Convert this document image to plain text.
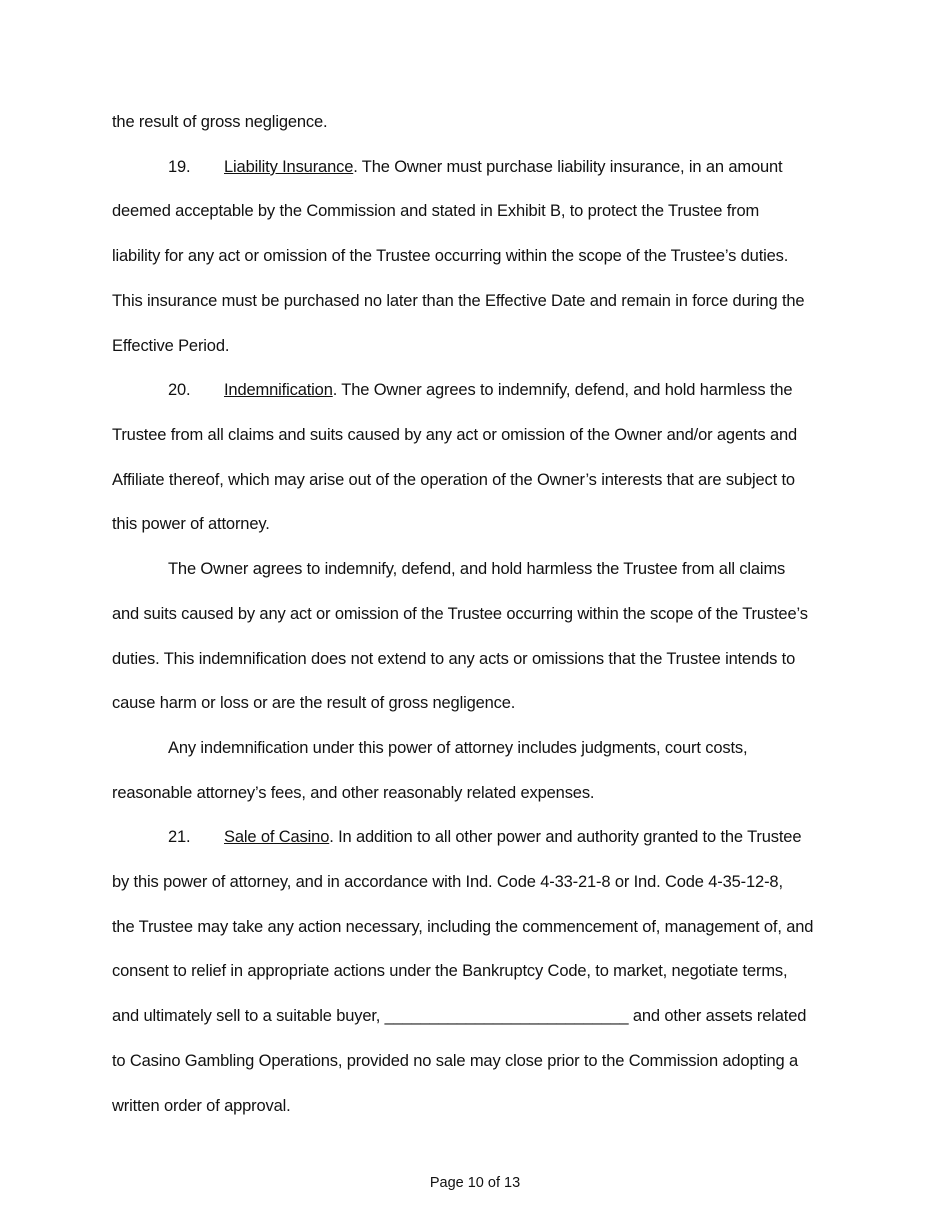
the result of gross negligence.
19. Liability Insurance. The Owner must purchase liability insurance, in an amount
deemed acceptable by the Commission and stated in Exhibit B, to protect the Trustee from
liability for any act or omission of the Trustee occurring within the scope of the Trustee’s duties.
This insurance must be purchased no later than the Effective Date and remain in force during the
Effective Period.
20. Indemnification. The Owner agrees to indemnify, defend, and hold harmless the
Trustee from all claims and suits caused by any act or omission of the Owner and/or agents and
Affiliate thereof, which may arise out of the operation of the Owner’s interests that are subject to
this power of attorney.
The Owner agrees to indemnify, defend, and hold harmless the Trustee from all claims
and suits caused by any act or omission of the Trustee occurring within the scope of the Trustee’s
duties. This indemnification does not extend to any acts or omissions that the Trustee intends to
cause harm or loss or are the result of gross negligence.
Any indemnification under this power of attorney includes judgments, court costs,
reasonable attorney’s fees, and other reasonably related expenses.
21. Sale of Casino. In addition to all other power and authority granted to the Trustee
by this power of attorney, and in accordance with Ind. Code 4-33-21-8 or Ind. Code 4-35-12-8,
the Trustee may take any action necessary, including the commencement of, management of, and
consent to relief in appropriate actions under the Bankruptcy Code, to market, negotiate terms,
and ultimately sell to a suitable buyer, ___________________________ and other assets related
to Casino Gambling Operations, provided no sale may close prior to the Commission adopting a
written order of approval.
Page 10 of 13
